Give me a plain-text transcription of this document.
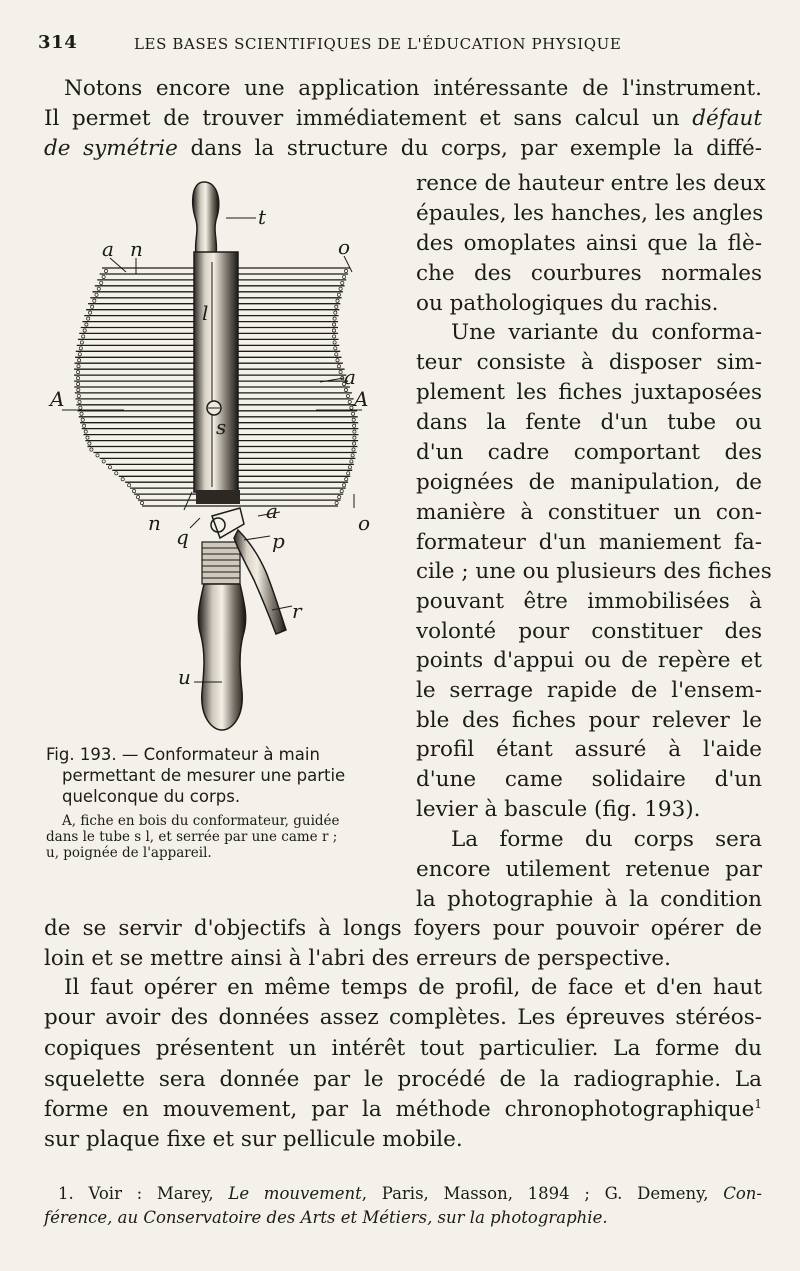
314	LES BASES SCIENTIFIQUES DE L'ÉDUCATION PHYSIQUE
Notons encore une application intéressante de l'instrument.
Il permet de trouver immédiatement et sans calcul un défaut
de symétrie dans la structure du corps, par exemple la diffé-
rence de hauteur entre les deux
épaules, les hanches, les angles
des omoplates ainsi que la flè-
che des courbures normales
ou pathologiques du rachis.
Une variante du conforma-
teur consiste à disposer sim-
plement les fiches juxtaposées
dans la fente d'un tube ou
d'un cadre comportant des
poignées de manipulation, de
manière à constituer un con-
formateur d'un maniement fa-
cile ; une ou plusieurs des fiches
pouvant être immobilisées à
volonté pour constituer des
points d'appui ou de repère et
le serrage rapide de l'ensem-
ble des fiches pour relever le
profil étant assuré à l'aide
d'une came solidaire d'un
levier à bascule (fig. 193).
La forme du corps sera
encore utilement retenue par
la photographie à la condition
de se servir d'objectifs à longs foyers pour pouvoir opérer de
loin et se mettre ainsi à l'abri des erreurs de perspective.
Il faut opérer en même temps de profil, de face et d'en haut
pour avoir des données assez complètes. Les épreuves stéréos-
copiques présentent un intérêt tout particulier. La forme du
squelette sera donnée par le procédé de la radiographie. La
forme en mouvement, par la méthode chronophotographique$^1$
sur plaque fixe et sur pellicule mobile.
t
a n	o
l
a
A	A
s
n	o
a
q	p
r
u
Fig. 193. — Conformateur à main
permettant de mesurer une partie
quelconque du corps.
A, fiche en bois du conformateur, guidée
dans le tube s l, et serrée par une came r ;
u, poignée de l'appareil.
1. Voir : Marey, Le mouvement, Paris, Masson, 1894 ; G. Demeny, Con-
férence, au Conservatoire des Arts et Métiers, sur la photographie.
